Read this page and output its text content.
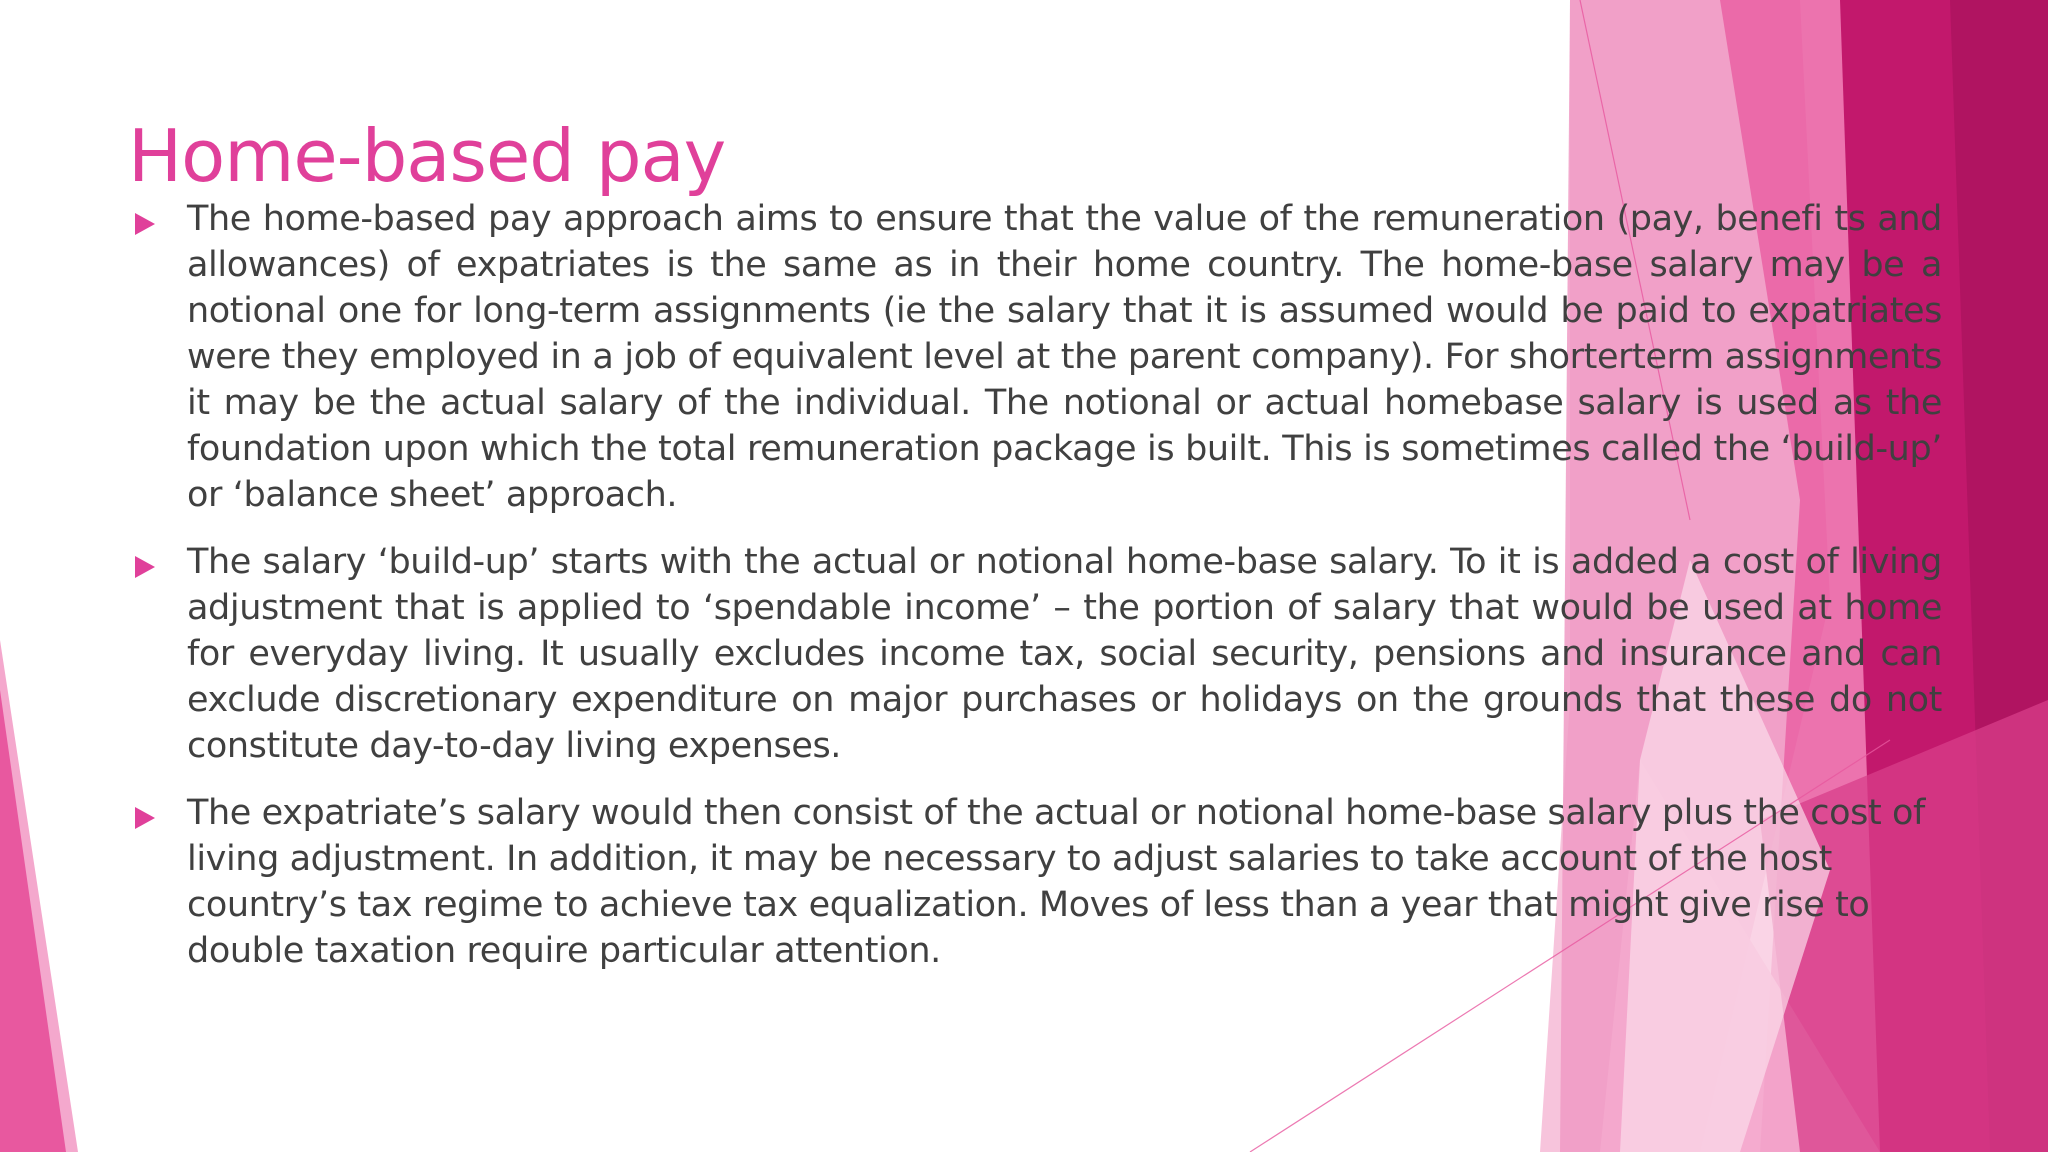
Home-based pay

The home-based pay approach aims to ensure that the value of the remuneration (pay, benefi ts and allowances) of expatriates is the same as in their home country. The home-base salary may be a notional one for long-term assignments (ie the salary that it is assumed would be paid to expatriates were they employed in a job of equivalent level at the parent company). For shorterterm assignments it may be the actual salary of the individual. The notional or actual homebase salary is used as the foundation upon which the total remuneration package is built. This is sometimes called the ‘build-up’ or ‘balance sheet’ approach.

The salary ‘build-up’ starts with the actual or notional home-base salary. To it is added a cost of living adjustment that is applied to ‘spendable income’ – the portion of salary that would be used at home for everyday living. It usually excludes income tax, social security, pensions and insurance and can exclude discretionary expenditure on major purchases or holidays on the grounds that these do not constitute day-to-day living expenses.

The expatriate’s salary would then consist of the actual or notional home-base salary plus the cost of living adjustment. In addition, it may be necessary to adjust salaries to take account of the host country’s tax regime to achieve tax equalization. Moves of less than a year that might give rise to double taxation require particular attention.
